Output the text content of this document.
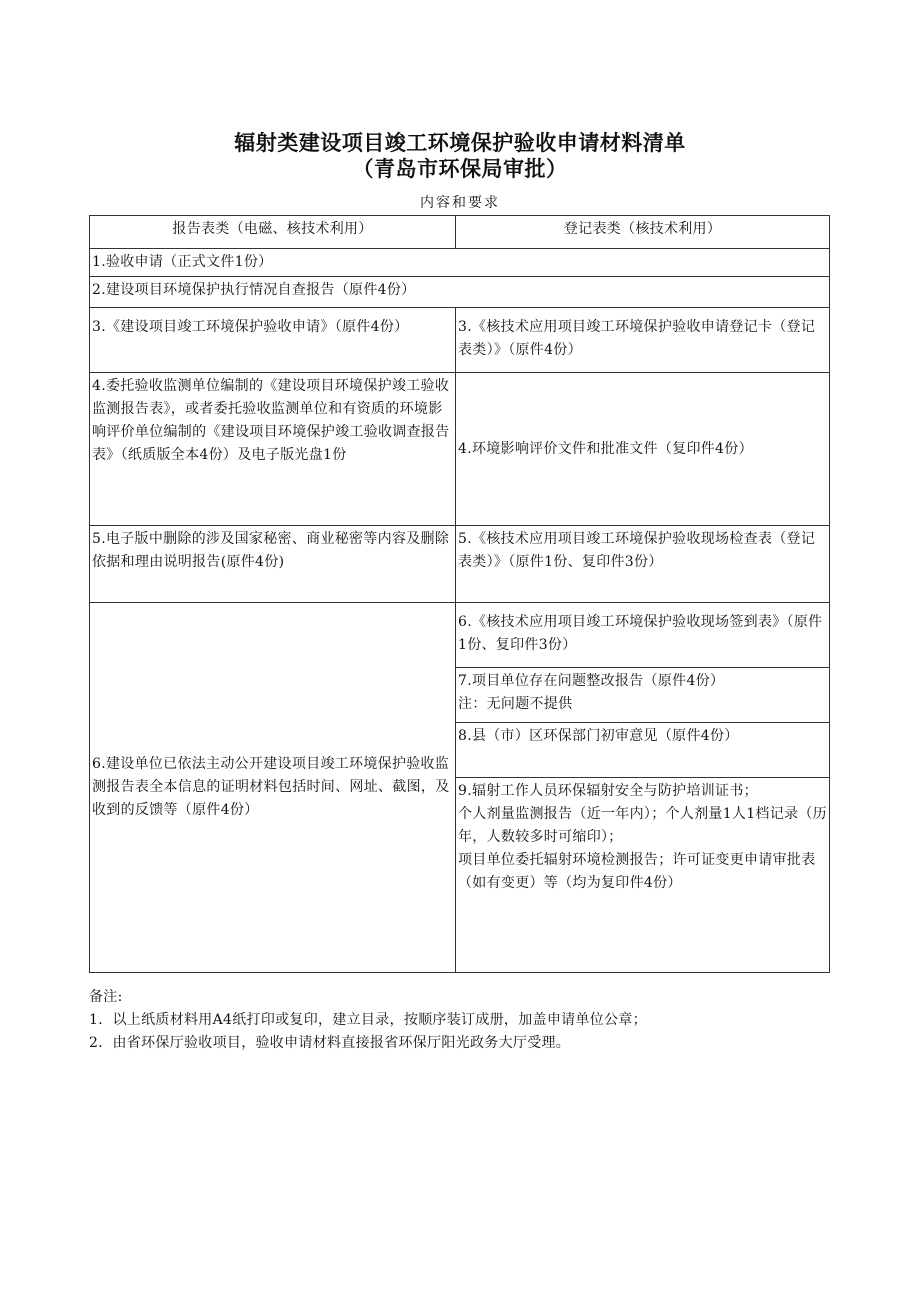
辐射类建设项目竣工环境保护验收申请材料清单
（青岛市环保局审批）
内容和要求
报告表类（电磁、核技术利用）	登记表类（核技术利用）
1.验收申请（正式文件1份）	
2.建设项目环境保护执行情况自查报告（原件4份）	
3.《建设项目竣工环境保护验收申请》（原件4份）	3.《核技术应用项目竣工环境保护验收申请登记卡（登记表类）》（原件4份）
4.委托验收监测单位编制的《建设项目环境保护竣工验收监测报告表》，或者委托验收监测单位和有资质的环境影响评价单位编制的《建设项目环境保护竣工验收调查报告表》（纸质版全本4份）及电子版光盘1份	4.环境影响评价文件和批准文件（复印件4份）
5.电子版中删除的涉及国家秘密、商业秘密等内容及删除依据和理由说明报告(原件4份)	5.《核技术应用项目竣工环境保护验收现场检查表（登记表类）》（原件1份、复印件3份）
6.建设单位已依法主动公开建设项目竣工环境保护验收监测报告表全本信息的证明材料包括时间、网址、截图，及收到的反馈等（原件4份）	6.《核技术应用项目竣工环境保护验收现场签到表》（原件1份、复印件3份）

	7.项目单位存在问题整改报告（原件4份）
注：无问题不提供

	8.县（市）区环保部门初审意见（原件4份）

	9.辐射工作人员环保辐射安全与防护培训证书；
个人剂量监测报告（近一年内）；个人剂量1人1档记录（历年，人数较多时可缩印）；
项目单位委托辐射环境检测报告；许可证变更申请审批表（如有变更）等（均为复印件4份）
备注:
1．以上纸质材料用A4纸打印或复印，建立目录，按顺序装订成册，加盖申请单位公章；
2．由省环保厅验收项目，验收申请材料直接报省环保厅阳光政务大厅受理。
